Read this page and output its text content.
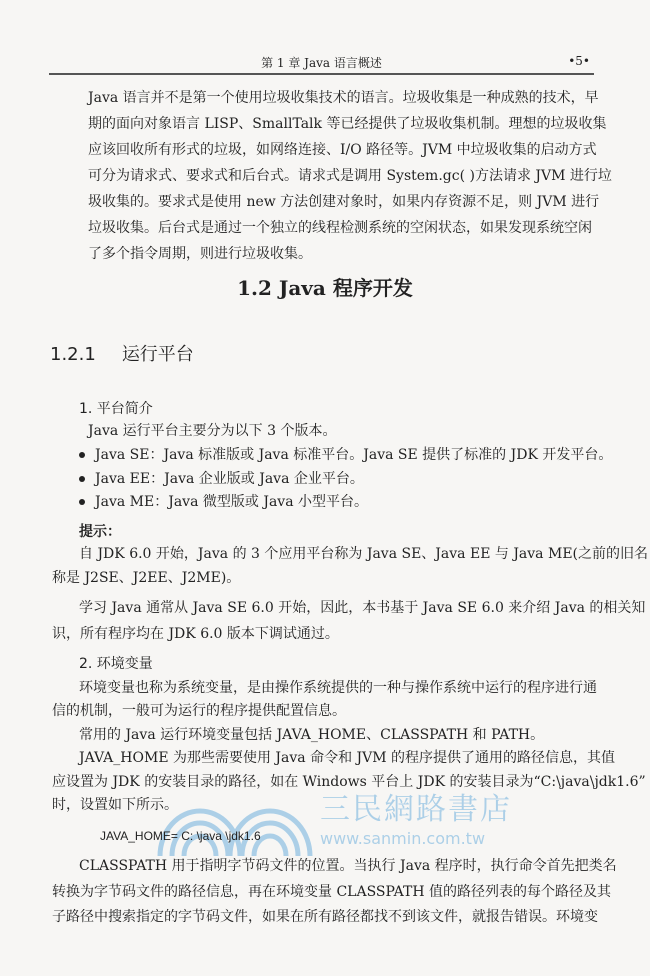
第 1 章 Java 语言概述	•5•
Java 语言并不是第一个使用垃圾收集技术的语言。垃圾收集是一种成熟的技术，早
期的面向对象语言 LISP、SmallTalk 等已经提供了垃圾收集机制。理想的垃圾收集
应该回收所有形式的垃圾，如网络连接、I/O 路径等。JVM 中垃圾收集的启动方式
可分为请求式、要求式和后台式。请求式是调用 System.gc( )方法请求 JVM 进行垃
圾收集的。要求式是使用 new 方法创建对象时，如果内存资源不足，则 JVM 进行
垃圾收集。后台式是通过一个独立的线程检测系统的空闲状态，如果发现系统空闲
了多个指令周期，则进行垃圾收集。
1.2 Java 程序开发
1.2.1 运行平台
1. 平台简介
Java 运行平台主要分为以下 3 个版本。
Java SE：Java 标准版或 Java 标准平台。Java SE 提供了标准的 JDK 开发平台。
Java EE：Java 企业版或 Java 企业平台。
Java ME：Java 微型版或 Java 小型平台。
提示：
自 JDK 6.0 开始，Java 的 3 个应用平台称为 Java SE、Java EE 与 Java ME(之前的旧名
称是 J2SE、J2EE、J2ME)。
学习 Java 通常从 Java SE 6.0 开始，因此，本书基于 Java SE 6.0 来介绍 Java 的相关知
识，所有程序均在 JDK 6.0 版本下调试通过。
2. 环境变量
环境变量也称为系统变量，是由操作系统提供的一种与操作系统中运行的程序进行通
信的机制，一般可为运行的程序提供配置信息。
常用的 Java 运行环境变量包括 JAVA_HOME、CLASSPATH 和 PATH。
JAVA_HOME 为那些需要使用 Java 命令和 JVM 的程序提供了通用的路径信息，其值
应设置为 JDK 的安装目录的路径，如在 Windows 平台上 JDK 的安装目录为“C:\java\jdk1.6”
时，设置如下所示。	三民網路書店
www.sanmin.com.tw
JAVA_HOME= C: \java \jdk1.6
CLASSPATH 用于指明字节码文件的位置。当执行 Java 程序时，执行命令首先把类名
转换为字节码文件的路径信息，再在环境变量 CLASSPATH 值的路径列表的每个路径及其
子路径中搜索指定的字节码文件，如果在所有路径都找不到该文件，就报告错误。环境变
